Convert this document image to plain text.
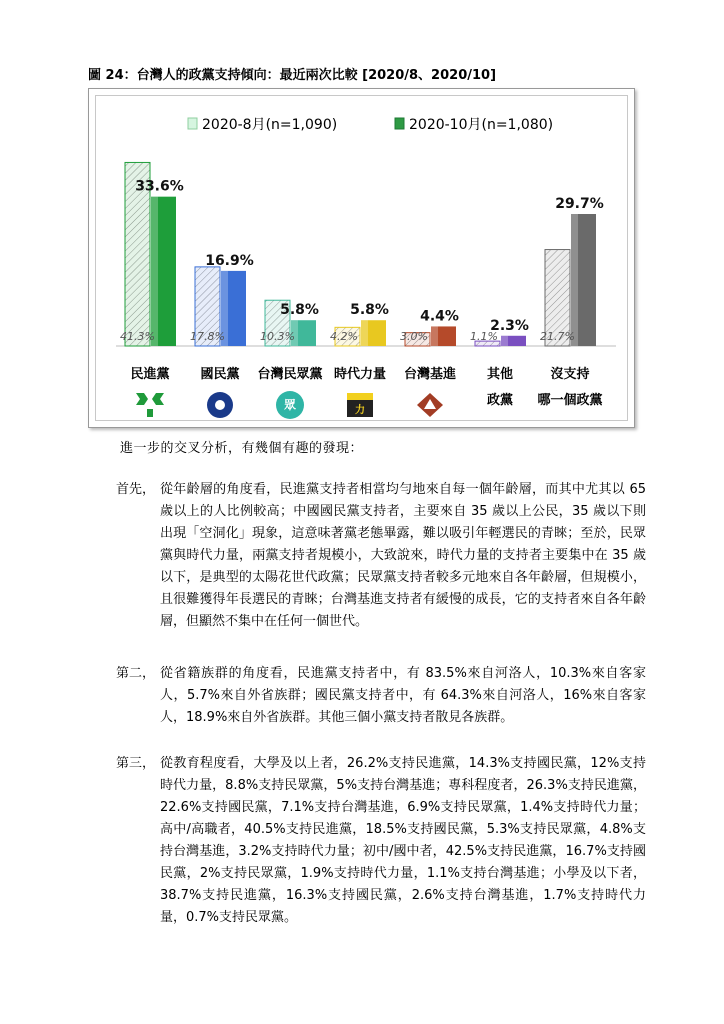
圖 24：台灣人的政黨支持傾向：最近兩次比較 [2020/8、2020/10]
2020-8月(n=1,090)	2020-10月(n=1,080)
41.3%
33.6%
17.8%
16.9%
10.3%
5.8%
4.2%
5.8%
3.0%
4.4%
1.1%
2.3%
21.7%
29.7%
民進黨 國民黨 台灣民眾黨 時代力量 台灣基進 其他
政黨
沒支持
哪一個政黨
眾	力
進一步的交叉分析，有幾個有趣的發現：
首先， 從年齡層的角度看，民進黨支持者相當均勻地來自每一個年齡層，而其中尤其以 65 歲以上的人比例較高；中國國民黨支持者，主要來自 35 歲以上公民，35 歲以下則出現「空洞化」現象，這意味著黨老態畢露，難以吸引年輕選民的青睞；至於，民眾黨與時代力量，兩黨支持者規模小，大致說來，時代力量的支持者主要集中在 35 歲以下，是典型的太陽花世代政黨；民眾黨支持者較多元地來自各年齡層，但規模小，且很難獲得年長選民的青睞；台灣基進支持者有緩慢的成長，它的支持者來自各年齡層，但顯然不集中在任何一個世代。
第二， 從省籍族群的角度看，民進黨支持者中，有 83.5%來自河洛人，10.3%來自客家人，5.7%來自外省族群；國民黨支持者中，有 64.3%來自河洛人，16%來自客家人，18.9%來自外省族群。其他三個小黨支持者散見各族群。
第三， 從教育程度看，大學及以上者，26.2%支持民進黨，14.3%支持國民黨，12%支持時代力量，8.8%支持民眾黨，5%支持台灣基進；專科程度者，26.3%支持民進黨，22.6%支持國民黨，7.1%支持台灣基進，6.9%支持民眾黨，1.4%支持時代力量；高中/高職者，40.5%支持民進黨，18.5%支持國民黨，5.3%支持民眾黨，4.8%支持台灣基進，3.2%支持時代力量；初中/國中者，42.5%支持民進黨，16.7%支持國民黨，2%支持民眾黨，1.9%支持時代力量，1.1%支持台灣基進；小學及以下者，38.7%支持民進黨，16.3%支持國民黨，2.6%支持台灣基進，1.7%支持時代力量，0.7%支持民眾黨。
